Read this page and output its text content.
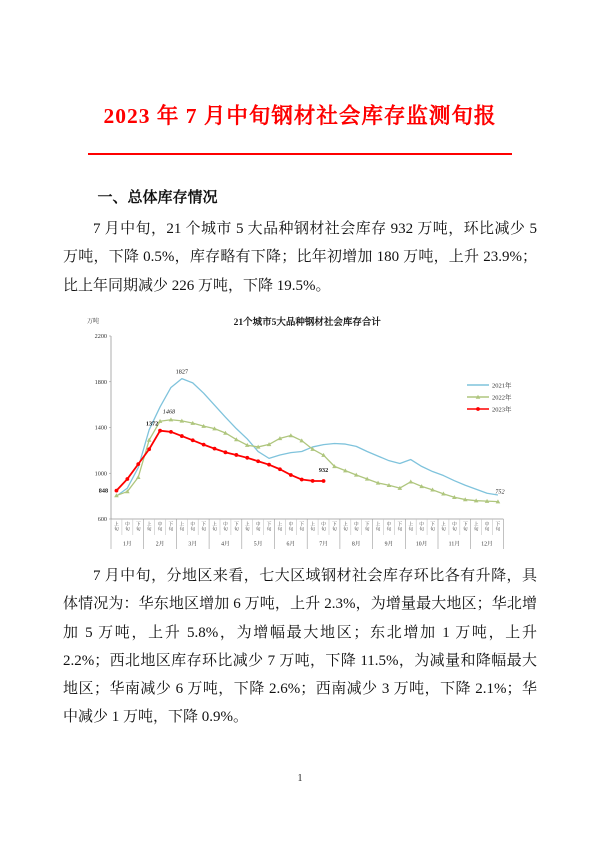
2023 年 7 月中旬钢材社会库存监测旬报
一、总体库存情况

7 月中旬，21 个城市 5 大品种钢材社会库存 932 万吨，环比减少 5 万吨，下降 0.5%，库存略有下降；比年初增加 180 万吨，上升 23.9%；比上年同期减少 226 万吨，下降 19.5%。

21个城市5大品种钢材社会库存合计
万吨
600
1000
1400
1800
2200
上旬
中旬
下旬
上旬
中旬
下旬
上旬
中旬
下旬
上旬
中旬
下旬
上旬
中旬
下旬
上旬
中旬
下旬
上旬
中旬
下旬
上旬
中旬
下旬
上旬
中旬
下旬
上旬
中旬
下旬
上旬
中旬
下旬
上旬
中旬
下旬
1月	2月	3月	4月	5月	6月	7月	8月	9月	10月	11月	12月
848
1372
1468
1827
932
752
2021年
2022年
2023年

7 月中旬，分地区来看，七大区域钢材社会库存环比各有升降，具体情况为：华东地区增加 6 万吨，上升 2.3%，为增量最大地区；华北增加 5 万吨，上升 5.8%，为增幅最大地区；东北增加 1 万吨，上升 2.2%；西北地区库存环比减少 7 万吨，下降 11.5%，为减量和降幅最大地区；华南减少 6 万吨，下降 2.6%；西南减少 3 万吨，下降 2.1%；华中减少 1 万吨，下降 0.9%。

1
